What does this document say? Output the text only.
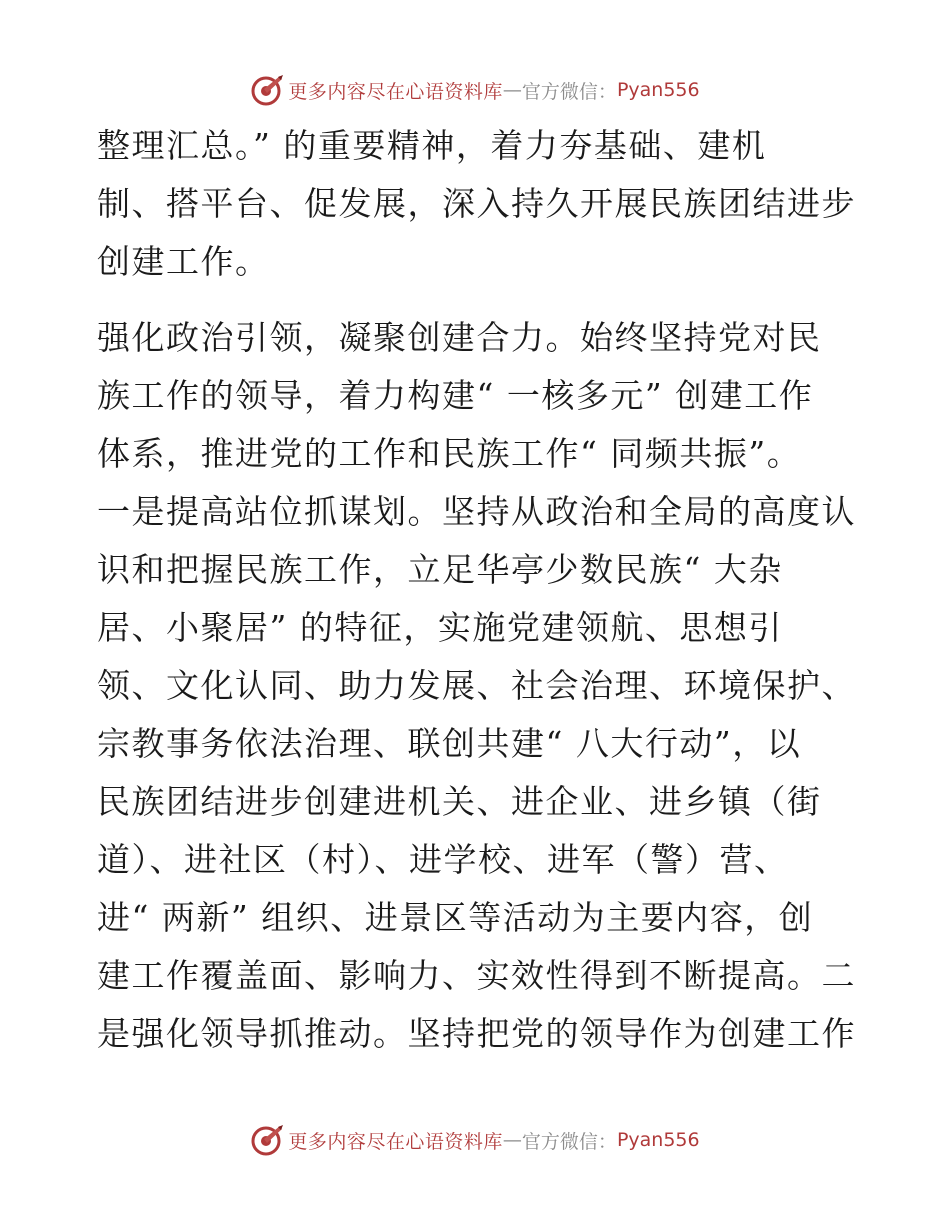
更多内容尽在心语资料库 — 官方微信： Pyan556
整理汇总。” 的重要精神，着力夯基础、建机
制、搭平台、促发展，深入持久开展民族团结进步
创建工作。
强化政治引领，凝聚创建合力。始终坚持党对民
族工作的领导，着力构建“ 一核多元” 创建工作
体系，推进党的工作和民族工作“ 同频共振”。
一是提高站位抓谋划。坚持从政治和全局的高度认
识和把握民族工作，立足华亭少数民族“ 大杂
居、小聚居” 的特征，实施党建领航、思想引
领、文化认同、助力发展、社会治理、环境保护、
宗教事务依法治理、联创共建“ 八大行动”，以
民族团结进步创建进机关、进企业、进乡镇（街
道）、进社区（村）、进学校、进军（警）营、
进“ 两新” 组织、进景区等活动为主要内容，创
建工作覆盖面、影响力、实效性得到不断提高。二
是强化领导抓推动。坚持把党的领导作为创建工作
更多内容尽在心语资料库 — 官方微信： Pyan556
